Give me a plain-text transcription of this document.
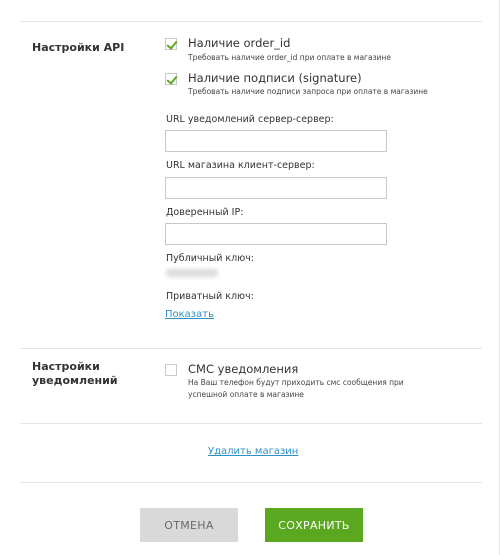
Настройки API	Наличие order_id
Требовать наличие order_id при оплате в магазине
Наличие подписи (signature)
Требовать наличие подписи запроса при оплате в магазине
URL уведомлений сервер-сервер:
URL магазина клиент-сервер:
Доверенный IP:
Публичный ключ:
Приватный ключ:
Показать
Настройки уведомлений
СМС уведомления
На Ваш телефон будут приходить смс сообщения при успешной оплате в магазине
Удалить магазин
ОТМЕНА	СОХРАНИТЬ
